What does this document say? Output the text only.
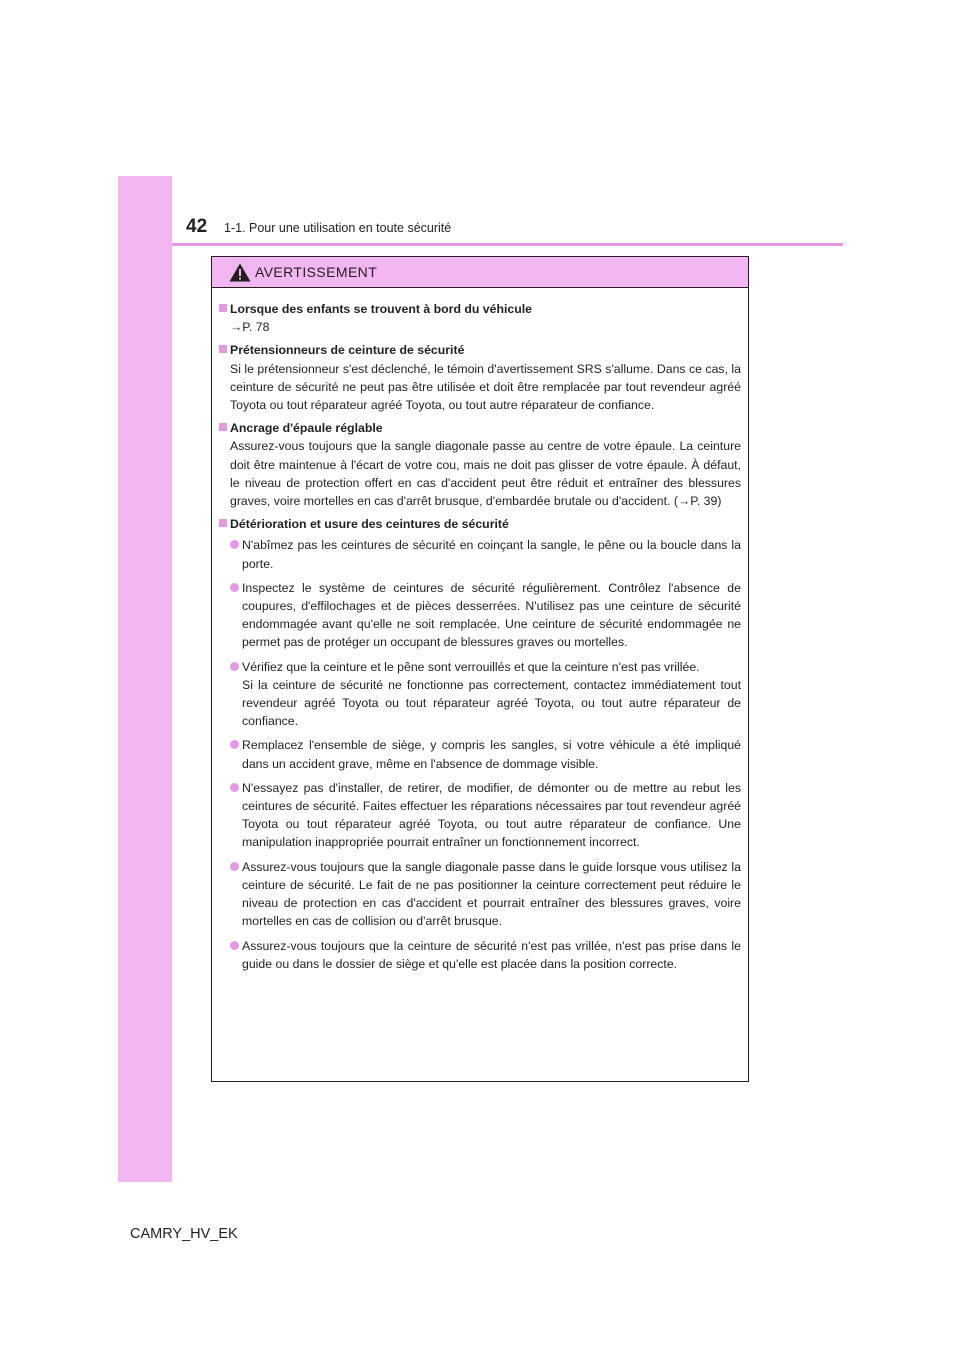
42 1-1. Pour une utilisation en toute sécurité
AVERTISSEMENT
Lorsque des enfants se trouvent à bord du véhicule
→P. 78
Prétensionneurs de ceinture de sécurité
Si le prétensionneur s'est déclenché, le témoin d'avertissement SRS s'allume. Dans ce cas, la ceinture de sécurité ne peut pas être utilisée et doit être remplacée par tout revendeur agréé Toyota ou tout réparateur agréé Toyota, ou tout autre réparateur de confiance.
Ancrage d'épaule réglable
Assurez-vous toujours que la sangle diagonale passe au centre de votre épaule. La ceinture doit être maintenue à l'écart de votre cou, mais ne doit pas glisser de votre épaule. À défaut, le niveau de protection offert en cas d'accident peut être réduit et entraîner des blessures graves, voire mortelles en cas d'arrêt brusque, d'embardée brutale ou d'accident. (→P. 39)
Détérioration et usure des ceintures de sécurité
N'abîmez pas les ceintures de sécurité en coinçant la sangle, le pêne ou la boucle dans la porte.
Inspectez le système de ceintures de sécurité régulièrement. Contrôlez l'absence de coupures, d'effilochages et de pièces desserrées. N'utilisez pas une ceinture de sécurité endommagée avant qu'elle ne soit remplacée. Une ceinture de sécurité endommagée ne permet pas de protéger un occupant de blessures graves ou mortelles.
Vérifiez que la ceinture et le pêne sont verrouillés et que la ceinture n'est pas vrillée.
Si la ceinture de sécurité ne fonctionne pas correctement, contactez immédiatement tout revendeur agréé Toyota ou tout réparateur agréé Toyota, ou tout autre réparateur de confiance.
Remplacez l'ensemble de siège, y compris les sangles, si votre véhicule a été impliqué dans un accident grave, même en l'absence de dommage visible.
N'essayez pas d'installer, de retirer, de modifier, de démonter ou de mettre au rebut les ceintures de sécurité. Faites effectuer les réparations nécessaires par tout revendeur agréé Toyota ou tout réparateur agréé Toyota, ou tout autre réparateur de confiance. Une manipulation inappropriée pourrait entraîner un fonctionnement incorrect.
Assurez-vous toujours que la sangle diagonale passe dans le guide lorsque vous utilisez la ceinture de sécurité. Le fait de ne pas positionner la ceinture correctement peut réduire le niveau de protection en cas d'accident et pourrait entraîner des blessures graves, voire mortelles en cas de collision ou d'arrêt brusque.
Assurez-vous toujours que la ceinture de sécurité n'est pas vrillée, n'est pas prise dans le guide ou dans le dossier de siège et qu'elle est placée dans la position correcte.
CAMRY_HV_EK
